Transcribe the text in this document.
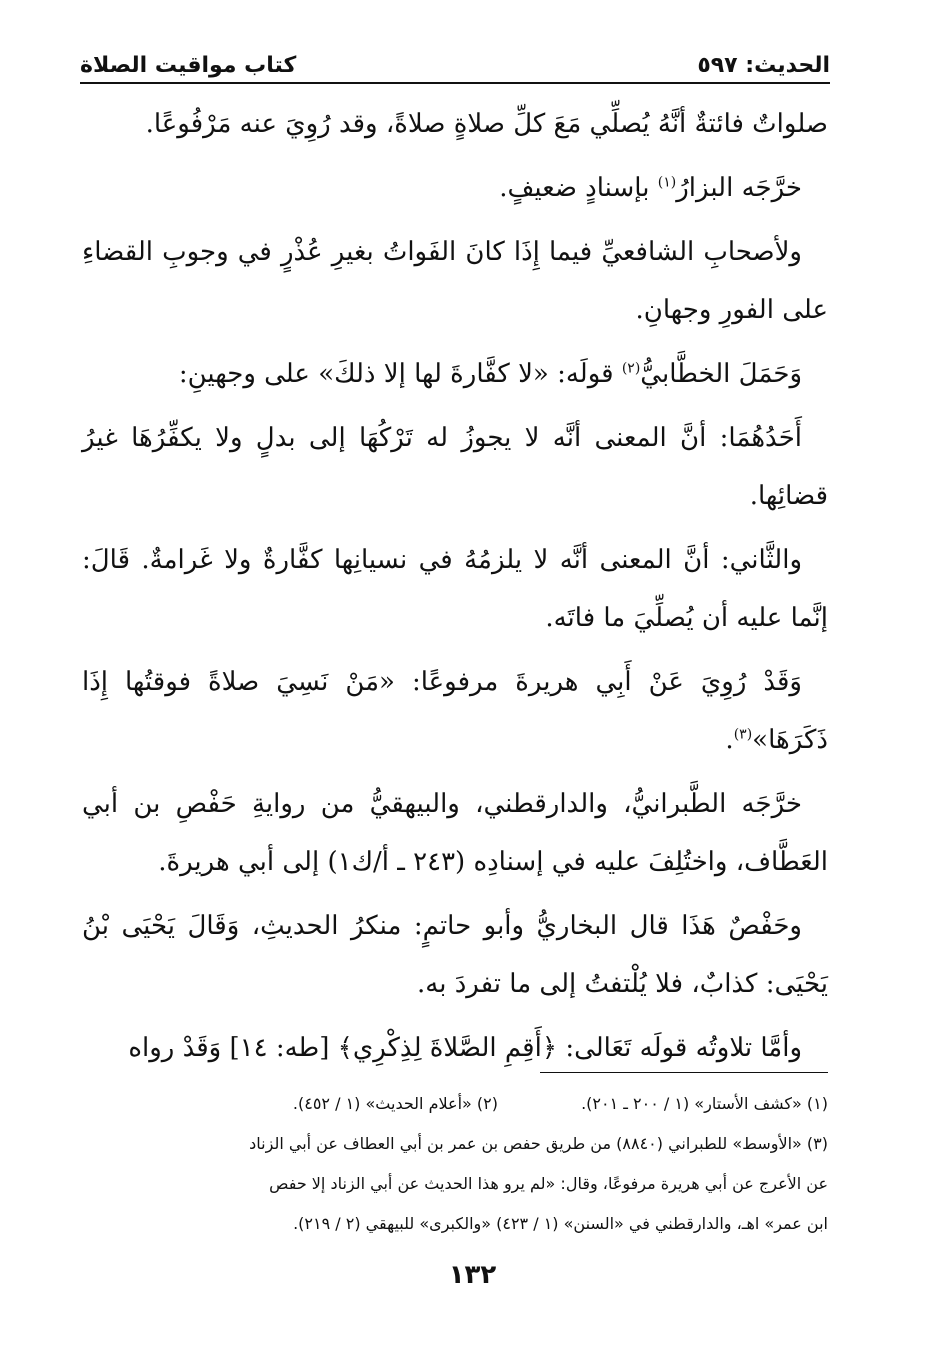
الحديث: ٥٩٧
كتاب مواقيت الصلاة

صلواتٌ فائتةٌ أنَّهُ يُصلِّي مَعَ كلِّ صلاةٍ صلاةً، وقد رُوِيَ عنه مَرْفُوعًا.

خرَّجَه البزارُ$^{(١)}$ بإسنادٍ ضعيفٍ.

ولأصحابِ الشافعيِّ فيما إِذَا كانَ الفَواتُ بغيرِ عُذْرٍ في وجوبِ القضاءِ على الفورِ وجهانِ.

وَحَمَلَ الخطَّابيُّ$^{(٢)}$ قولَه: «لا كفَّارةَ لها إلا ذلكَ» على وجهينِ:

أَحَدُهُمَا: أنَّ المعنى أنَّه لا يجوزُ له تَرْكُهَا إلى بدلٍ ولا يكفِّرُهَا غيرُ قضائِها.

والثَّاني: أنَّ المعنى أنَّه لا يلزمُهُ في نسيانِها كفَّارةٌ ولا غَرامةٌ. قَالَ: إنَّما عليه أن يُصلِّيَ ما فاتَه.

وَقَدْ رُوِيَ عَنْ أَبِي هريرةَ مرفوعًا: «مَنْ نَسِيَ صلاةً فوقتُها إِذَا ذَكَرَهَا»$^{(٣)}$.

خرَّجَه الطَّبرانيُّ، والدارقطني، والبيهقيُّ من روايةِ حَفْصِ بن أبي العَطَّاف، واختُلِفَ عليه في إسنادِه (٢٤٣ ـ أ/ك١) إلى أبي هريرةَ.

وحَفْصٌ هَذَا قال البخاريُّ وأبو حاتمٍ: منكرُ الحديثِ، وَقَالَ يَحْيَى بْنُ يَحْيَى: كذابٌ، فلا يُلْتفتُ إلى ما تفردَ به.

وأمَّا تلاوتُه قولَه تَعَالى: ﴿أَقِمِ الصَّلاةَ لِذِكْرِي﴾ [طه: ١٤] وَقَدْ رواه

(١) «كشف الأستار» (١ / ٢٠٠ ـ ٢٠١).
(٢) «أعلام الحديث» (١ / ٤٥٢).
(٣) «الأوسط» للطبراني (٨٨٤٠) من طريق حفص بن عمر بن أبي العطاف عن أبي الزناد
عن الأعرج عن أبي هريرة مرفوعًا، وقال: «لم يرو هذا الحديث عن أبي الزناد إلا حفص
ابن عمر» اهـ، والدارقطني في «السنن» (١ / ٤٢٣) «والكبرى» للبيهقي (٢ / ٢١٩).
١٣٢
